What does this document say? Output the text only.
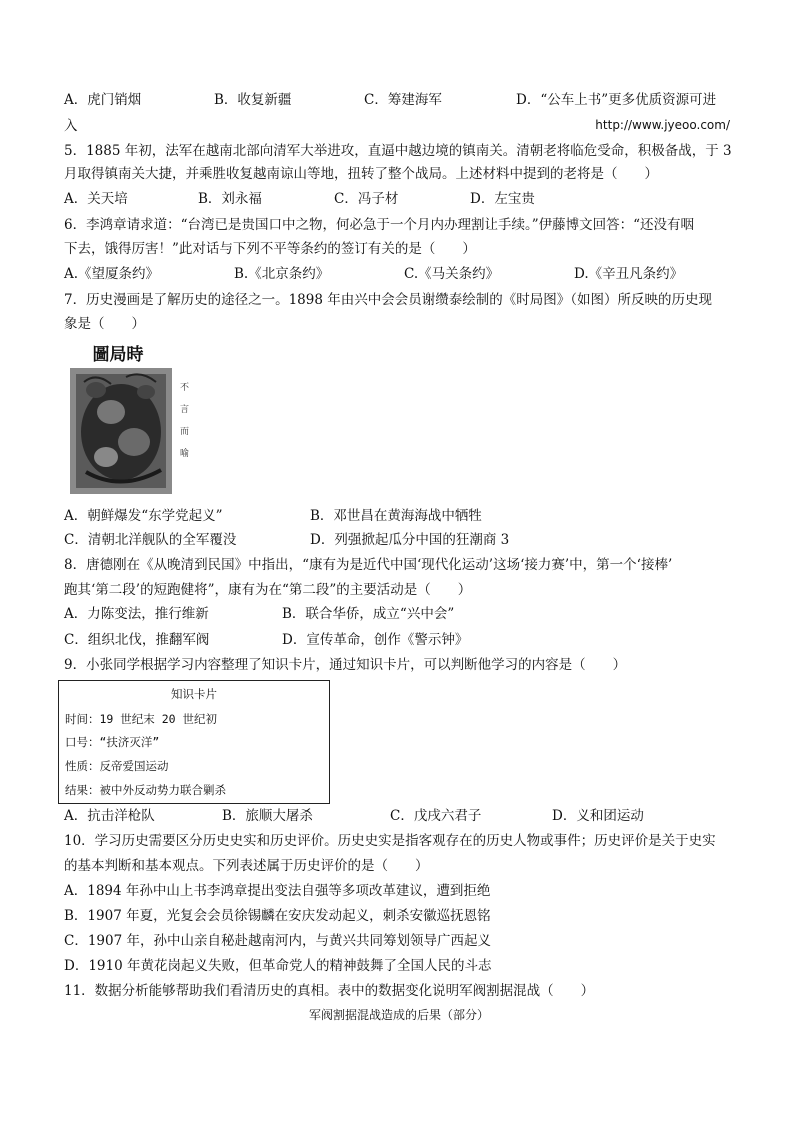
A．虎门销烟	B．收复新疆	C．筹建海军	D．“公车上书”更多优质资源可进
入	http://www.jyeoo.com/
5．1885 年初，法军在越南北部向清军大举进攻，直逼中越边境的镇南关。清朝老将临危受命，积极备战，于 3
月取得镇南关大捷，并乘胜收复越南谅山等地，扭转了整个战局。上述材料中提到的老将是（　　）
A．关天培	B．刘永福	C．冯子材	D．左宝贵
6．李鸿章请求道：“台湾已是贵国口中之物，何必急于一个月内办理割让手续。”伊藤博文回答：“还没有咽
下去，饿得厉害！”此对话与下列不平等条约的签订有关的是（　　）
A.《望厦条约》	B.《北京条约》	C.《马关条约》	D.《辛丑凡条约》
7．历史漫画是了解历史的途径之一。1898 年由兴中会会员谢缵泰绘制的《时局图》（如图）所反映的历史现
象是（　　）
圖局時
不
言
而
喻
A．朝鲜爆发“东学党起义”	B．邓世昌在黄海海战中牺牲
C．清朝北洋舰队的全军覆没	D．列强掀起瓜分中国的狂潮商 3
8．唐德刚在《从晚清到民国》中指出，“康有为是近代中国‘现代化运动’这场‘接力赛’中，第一个‘接棒’
跑其‘第二段’的短跑健将”，康有为在“第二段”的主要活动是（　　）
A．力陈变法，推行维新	B．联合华侨，成立“兴中会”
C．组织北伐，推翻军阀	D．宣传革命，创作《警示钟》
9．小张同学根据学习内容整理了知识卡片，通过知识卡片，可以判断他学习的内容是（　　）
知识卡片
时间：19 世纪末 20 世纪初
口号：“扶济灭洋”
性质：反帝爱国运动
结果：被中外反动势力联合剿杀
A．抗击洋枪队	B．旅顺大屠杀	C．戊戌六君子	D．义和团运动
10．学习历史需要区分历史史实和历史评价。历史史实是指客观存在的历史人物或事件；历史评价是关于史实
的基本判断和基本观点。下列表述属于历史评价的是（　　）
A．1894 年孙中山上书李鸿章提出变法自强等多项改革建议，遭到拒绝
B．1907 年夏，光复会会员徐锡麟在安庆发动起义，刺杀安徽巡抚恩铭
C．1907 年，孙中山亲自秘赴越南河内，与黄兴共同筹划领导广西起义
D．1910 年黄花岗起义失败，但革命党人的精神鼓舞了全国人民的斗志
11．数据分析能够帮助我们看清历史的真相。表中的数据变化说明军阀割据混战（　　）
军阀割据混战造成的后果（部分）
